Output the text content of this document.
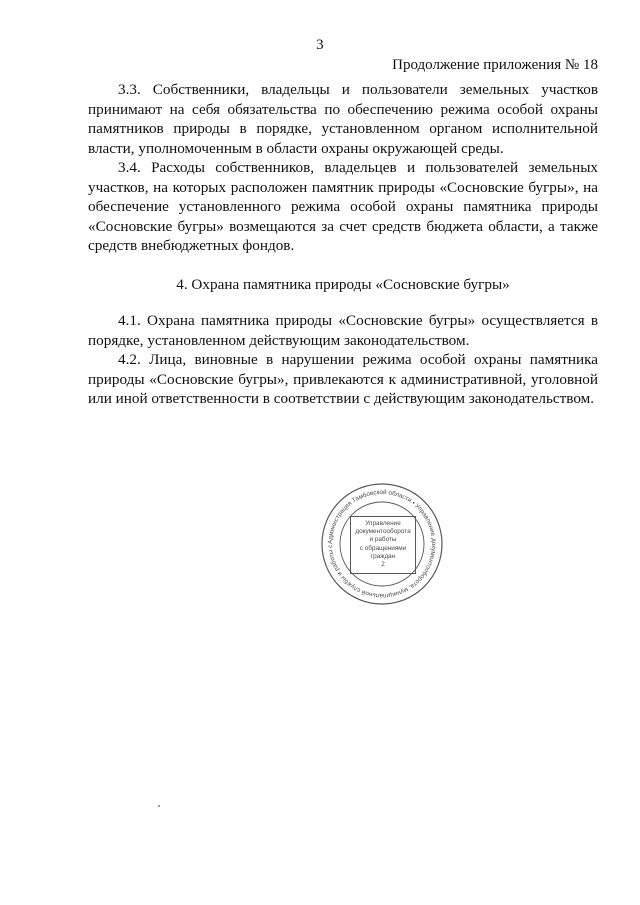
3
Продолжение приложения № 18

3.3. Собственники, владельцы и пользователи земельных участков принимают на себя обязательства по обеспечению режима особой охраны памятников природы в порядке, установленном органом исполнительной власти, уполномоченным в области охраны окружающей среды.

3.4. Расходы собственников, владельцев и пользователей земельных участков, на которых расположен памятник природы «Сосновские бугры», на обеспечение установленного режима особой охраны памятника природы «Сосновские бугры» возмещаются за счет средств бюджета области, а также средств внебюджетных фондов.

4. Охрана памятника природы «Сосновские бугры»

4.1. Охрана памятника природы «Сосновские бугры» осуществляется в порядке, установленном действующим законодательством.

4.2. Лица, виновные в нарушении режима особой охраны памятника природы «Сосновские бугры», привлекаются к административной, уголовной или иной ответственности в соответствии с действующим законодательством.

Администрация Тамбовской области • Управление документооборота, муниципальной службы и работы с
Управление
документооборота
и работы
с обращениями
граждан
2
